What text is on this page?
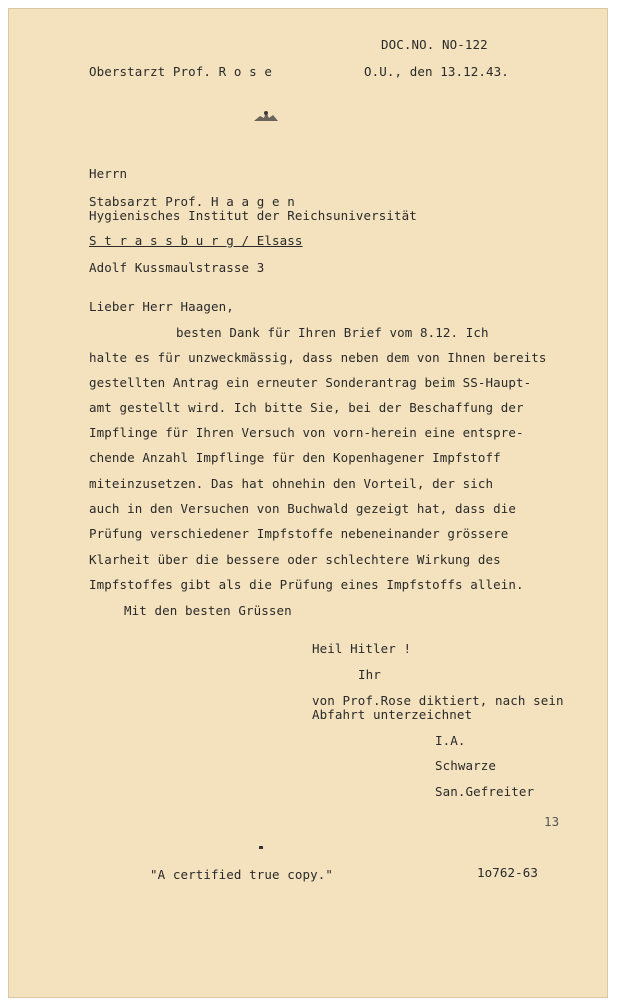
DOC.NO. NO-122
Oberstarzt Prof. R o s e	O.U., den 13.12.43.
Herrn
Stabsarzt Prof. H a a g e n
Hygienisches Institut der Reichsuniversität
S t r a s s b u r g / Elsass
Adolf Kussmaulstrasse 3
Lieber Herr Haagen,
besten Dank für Ihren Brief vom 8.12. Ich
halte es für unzweckmässig, dass neben dem von Ihnen bereits
gestellten Antrag ein erneuter Sonderantrag beim SS-Haupt-
amt gestellt wird. Ich bitte Sie, bei der Beschaffung der
Impflinge für Ihren Versuch von vorn-herein eine entspre-
chende Anzahl Impflinge für den Kopenhagener Impfstoff
miteinzusetzen. Das hat ohnehin den Vorteil, der sich
auch in den Versuchen von Buchwald gezeigt hat, dass die
Prüfung verschiedener Impfstoffe nebeneinander grössere
Klarheit über die bessere oder schlechtere Wirkung des
Impfstoffes gibt als die Prüfung eines Impfstoffs allein.
Mit den besten Grüssen
Heil Hitler !
Ihr
von Prof.Rose diktiert, nach sein
Abfahrt unterzeichnet
I.A.
Schwarze
San.Gefreiter
13
"A certified true copy."	1o762-63
